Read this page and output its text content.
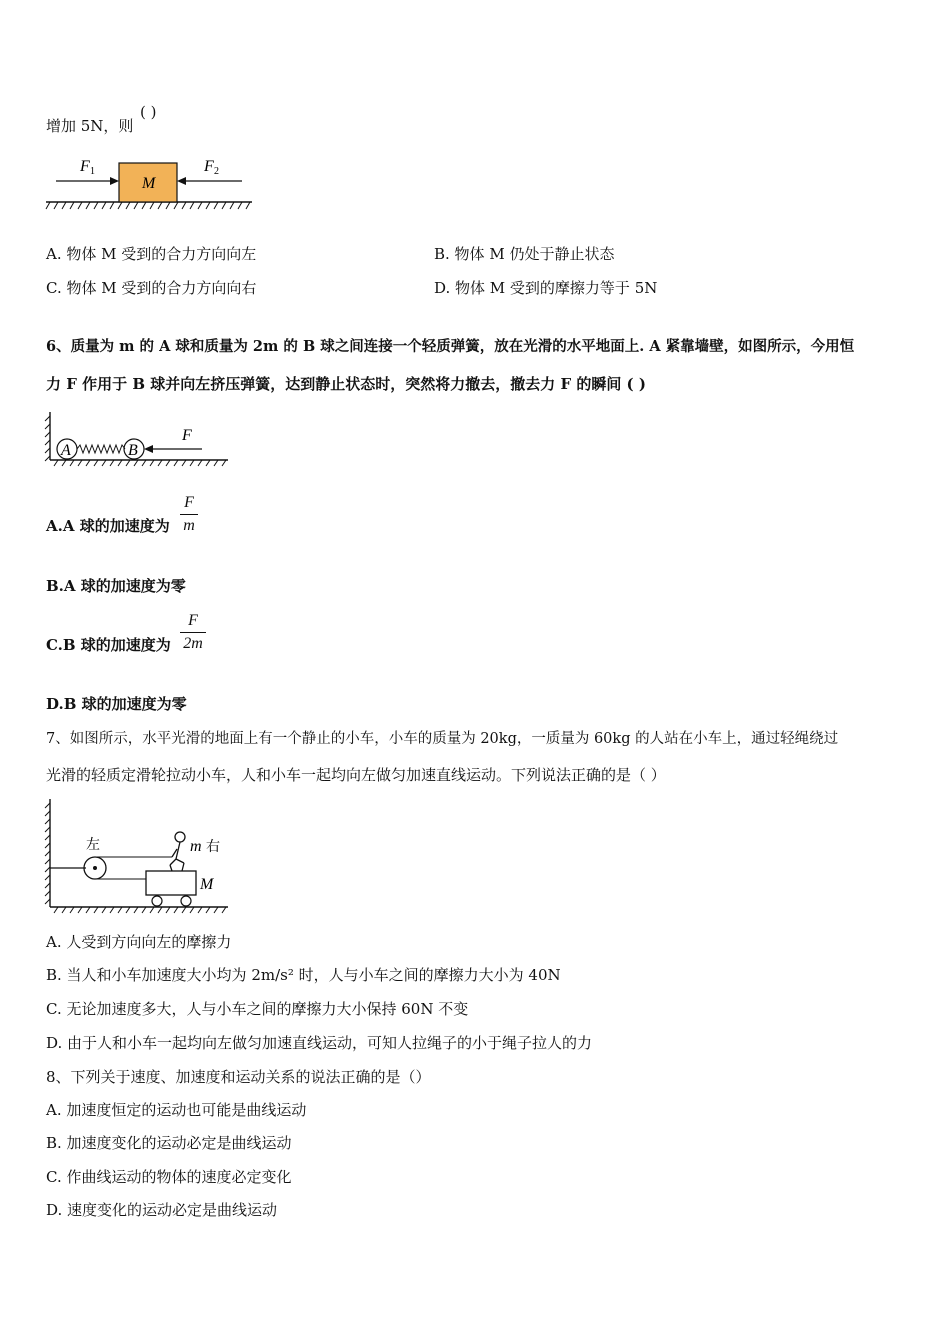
增加 5N，则
( )
M
F 1	F 2
A. 物体 M 受到的合力方向向左	B. 物体 M 仍处于静止状态
C. 物体 M 受到的合力方向向右	D. 物体 M 受到的摩擦力等于 5N
6、质量为 m 的 A 球和质量为 2m 的 B 球之间连接一个轻质弹簧，放在光滑的水平地面上. A 紧靠墙壁，如图所示，今用恒
力 F 作用于 B 球并向左挤压弹簧，达到静止状态时，突然将力撤去，撤去力 F 的瞬间 ( )
A	B
F
A.A 球的加速度为
F
m
B.A 球的加速度为零
C.B 球的加速度为
F
2m
D.B 球的加速度为零
7、如图所示，水平光滑的地面上有一个静止的小车，小车的质量为 20kg，一质量为 60kg 的人站在小车上，通过轻绳绕过
光滑的轻质定滑轮拉动小车，人和小车一起均向左做匀加速直线运动。下列说法正确的是（ ）
左
M
m 右
A. 人受到方向向左的摩擦力
B. 当人和小车加速度大小均为 2m/s² 时，人与小车之间的摩擦力大小为 40N
C. 无论加速度多大，人与小车之间的摩擦力大小保持 60N 不变
D. 由于人和小车一起均向左做匀加速直线运动，可知人拉绳子的小于绳子拉人的力
8、下列关于速度、加速度和运动关系的说法正确的是（）
A. 加速度恒定的运动也可能是曲线运动
B. 加速度变化的运动必定是曲线运动
C. 作曲线运动的物体的速度必定变化
D. 速度变化的运动必定是曲线运动
